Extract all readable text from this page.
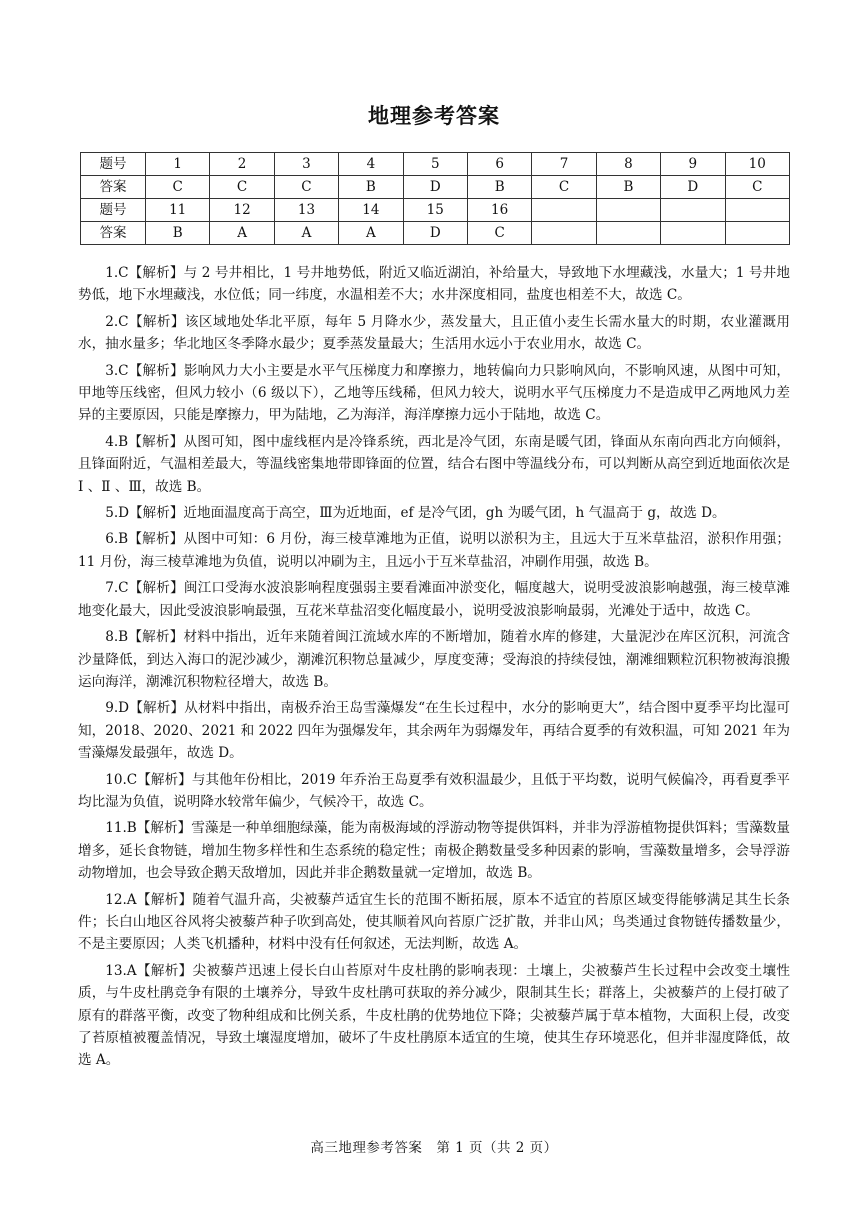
地理参考答案
题号	1	2	3	4	5	6	7	8	9	10
答案	C	C	C	B	D	B	C	B	D	C
题号	11	12	13	14	15	16				
答案	B	A	A	A	D	C				

1.C【解析】与 2 号井相比，1 号井地势低，附近又临近湖泊，补给量大，导致地下水埋藏浅，水量大；1 号井地势低，地下水埋藏浅，水位低；同一纬度，水温相差不大；水井深度相同，盐度也相差不大，故选 C。

2.C【解析】该区域地处华北平原，每年 5 月降水少，蒸发量大，且正值小麦生长需水量大的时期，农业灌溉用水，抽水量多；华北地区冬季降水最少；夏季蒸发量最大；生活用水远小于农业用水，故选 C。

3.C【解析】影响风力大小主要是水平气压梯度力和摩擦力，地转偏向力只影响风向，不影响风速，从图中可知，甲地等压线密，但风力较小（6 级以下），乙地等压线稀，但风力较大，说明水平气压梯度力不是造成甲乙两地风力差异的主要原因，只能是摩擦力，甲为陆地，乙为海洋，海洋摩擦力远小于陆地，故选 C。

4.B【解析】从图可知，图中虚线框内是冷锋系统，西北是冷气团，东南是暖气团，锋面从东南向西北方向倾斜，且锋面附近，气温相差最大，等温线密集地带即锋面的位置，结合右图中等温线分布，可以判断从高空到近地面依次是 Ⅰ 、Ⅱ 、Ⅲ，故选 B。

5.D【解析】近地面温度高于高空，Ⅲ为近地面，ef 是冷气团，gh 为暖气团，h 气温高于 g，故选 D。

6.B【解析】从图中可知：6 月份，海三棱草滩地为正值，说明以淤积为主，且远大于互米草盐沼，淤积作用强；11 月份，海三棱草滩地为负值，说明以冲刷为主，且远小于互米草盐沼，冲刷作用强，故选 B。

7.C【解析】闽江口受海水波浪影响程度强弱主要看滩面冲淤变化，幅度越大，说明受波浪影响越强，海三棱草滩地变化最大，因此受波浪影响最强，互花米草盐沼变化幅度最小，说明受波浪影响最弱，光滩处于适中，故选 C。

8.B【解析】材料中指出，近年来随着闽江流域水库的不断增加，随着水库的修建，大量泥沙在库区沉积，河流含沙量降低，到达入海口的泥沙减少，潮滩沉积物总量减少，厚度变薄；受海浪的持续侵蚀，潮滩细颗粒沉积物被海浪搬运向海洋，潮滩沉积物粒径增大，故选 B。

9.D【解析】从材料中指出，南极乔治王岛雪藻爆发“在生长过程中，水分的影响更大”，结合图中夏季平均比湿可知，2018、2020、2021 和 2022 四年为强爆发年，其余两年为弱爆发年，再结合夏季的有效积温，可知 2021 年为雪藻爆发最强年，故选 D。

10.C【解析】与其他年份相比，2019 年乔治王岛夏季有效积温最少，且低于平均数，说明气候偏冷，再看夏季平均比湿为负值，说明降水较常年偏少，气候冷干，故选 C。

11.B【解析】雪藻是一种单细胞绿藻，能为南极海域的浮游动物等提供饵料，并非为浮游植物提供饵料；雪藻数量增多，延长食物链，增加生物多样性和生态系统的稳定性；南极企鹅数量受多种因素的影响，雪藻数量增多，会导浮游动物增加，也会导致企鹅天敌增加，因此并非企鹅数量就一定增加，故选 B。

12.A【解析】随着气温升高，尖被藜芦适宜生长的范围不断拓展，原本不适宜的苔原区域变得能够满足其生长条件；长白山地区谷风将尖被藜芦种子吹到高处，使其顺着风向苔原广泛扩散，并非山风；鸟类通过食物链传播数量少，不是主要原因；人类飞机播种，材料中没有任何叙述，无法判断，故选 A。

13.A【解析】尖被藜芦迅速上侵长白山苔原对牛皮杜鹃的影响表现：土壤上，尖被藜芦生长过程中会改变土壤性质，与牛皮杜鹃竞争有限的土壤养分，导致牛皮杜鹃可获取的养分减少，限制其生长；群落上，尖被藜芦的上侵打破了原有的群落平衡，改变了物种组成和比例关系，牛皮杜鹃的优势地位下降；尖被藜芦属于草本植物，大面积上侵，改变了苔原植被覆盖情况，导致土壤湿度增加，破坏了牛皮杜鹃原本适宜的生境，使其生存环境恶化，但并非湿度降低，故选 A。

高三地理参考答案　第 1 页（共 2 页）
